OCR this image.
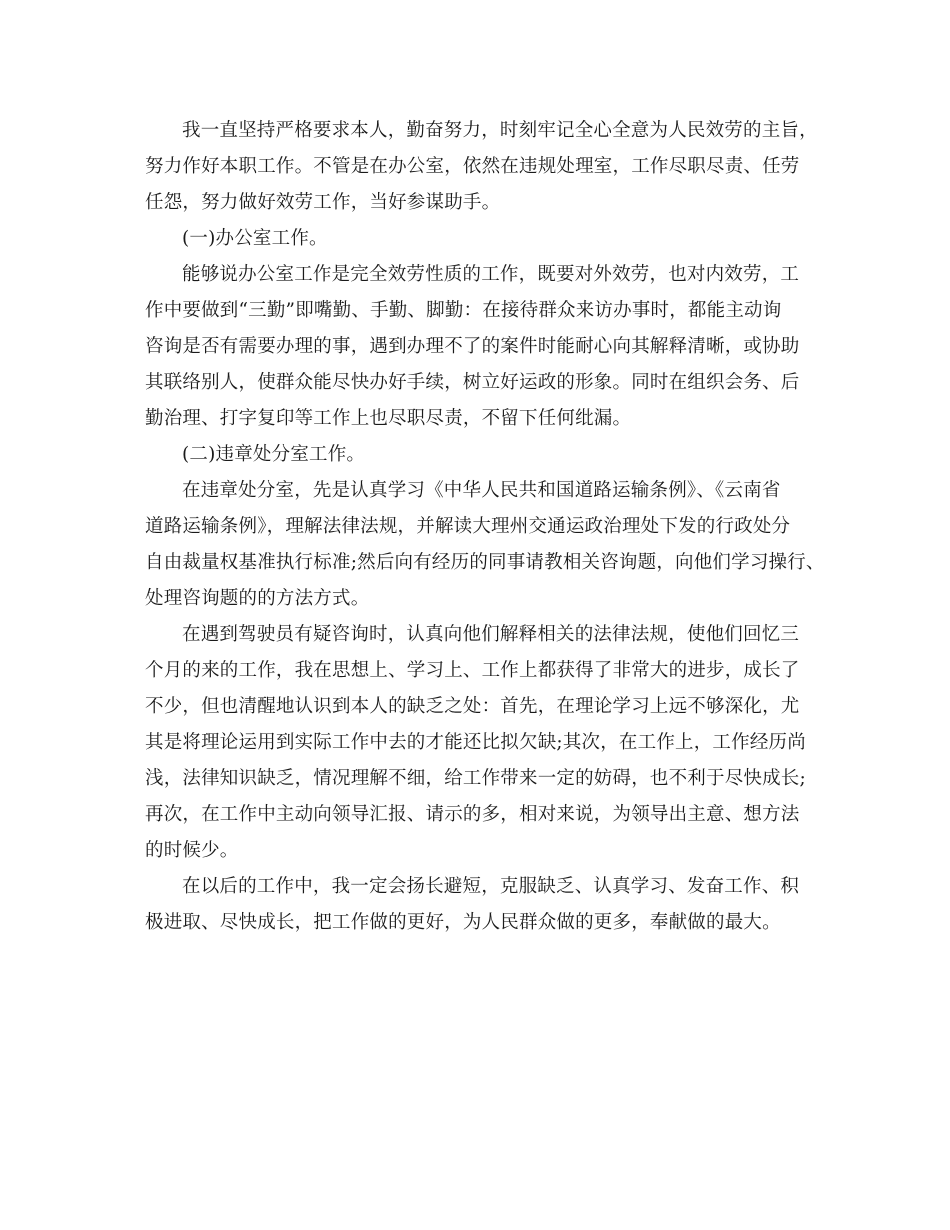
我一直坚持严格要求本人，勤奋努力，时刻牢记全心全意为人民效劳的主旨，
努力作好本职工作。不管是在办公室，依然在违规处理室，工作尽职尽责、任劳
任怨，努力做好效劳工作，当好参谋助手。
(一)办公室工作。
能够说办公室工作是完全效劳性质的工作，既要对外效劳，也对内效劳，工
作中要做到“三勤”即嘴勤、手勤、脚勤：在接待群众来访办事时，都能主动询
咨询是否有需要办理的事，遇到办理不了的案件时能耐心向其解释清晰，或协助
其联络别人，使群众能尽快办好手续，树立好运政的形象。同时在组织会务、后
勤治理、打字复印等工作上也尽职尽责，不留下任何纰漏。
(二)违章处分室工作。
在违章处分室，先是认真学习《中华人民共和国道路运输条例》、《云南省
道路运输条例》，理解法律法规，并解读大理州交通运政治理处下发的行政处分
自由裁量权基准执行标准;然后向有经历的同事请教相关咨询题，向他们学习操行、
处理咨询题的的方法方式。
在遇到驾驶员有疑咨询时，认真向他们解释相关的法律法规，使他们回忆三
个月的来的工作，我在思想上、学习上、工作上都获得了非常大的进步，成长了
不少，但也清醒地认识到本人的缺乏之处：首先，在理论学习上远不够深化，尤
其是将理论运用到实际工作中去的才能还比拟欠缺;其次，在工作上，工作经历尚
浅，法律知识缺乏，情况理解不细，给工作带来一定的妨碍，也不利于尽快成长;
再次，在工作中主动向领导汇报、请示的多，相对来说，为领导出主意、想方法
的时候少。
在以后的工作中，我一定会扬长避短，克服缺乏、认真学习、发奋工作、积
极进取、尽快成长，把工作做的更好，为人民群众做的更多，奉献做的最大。
